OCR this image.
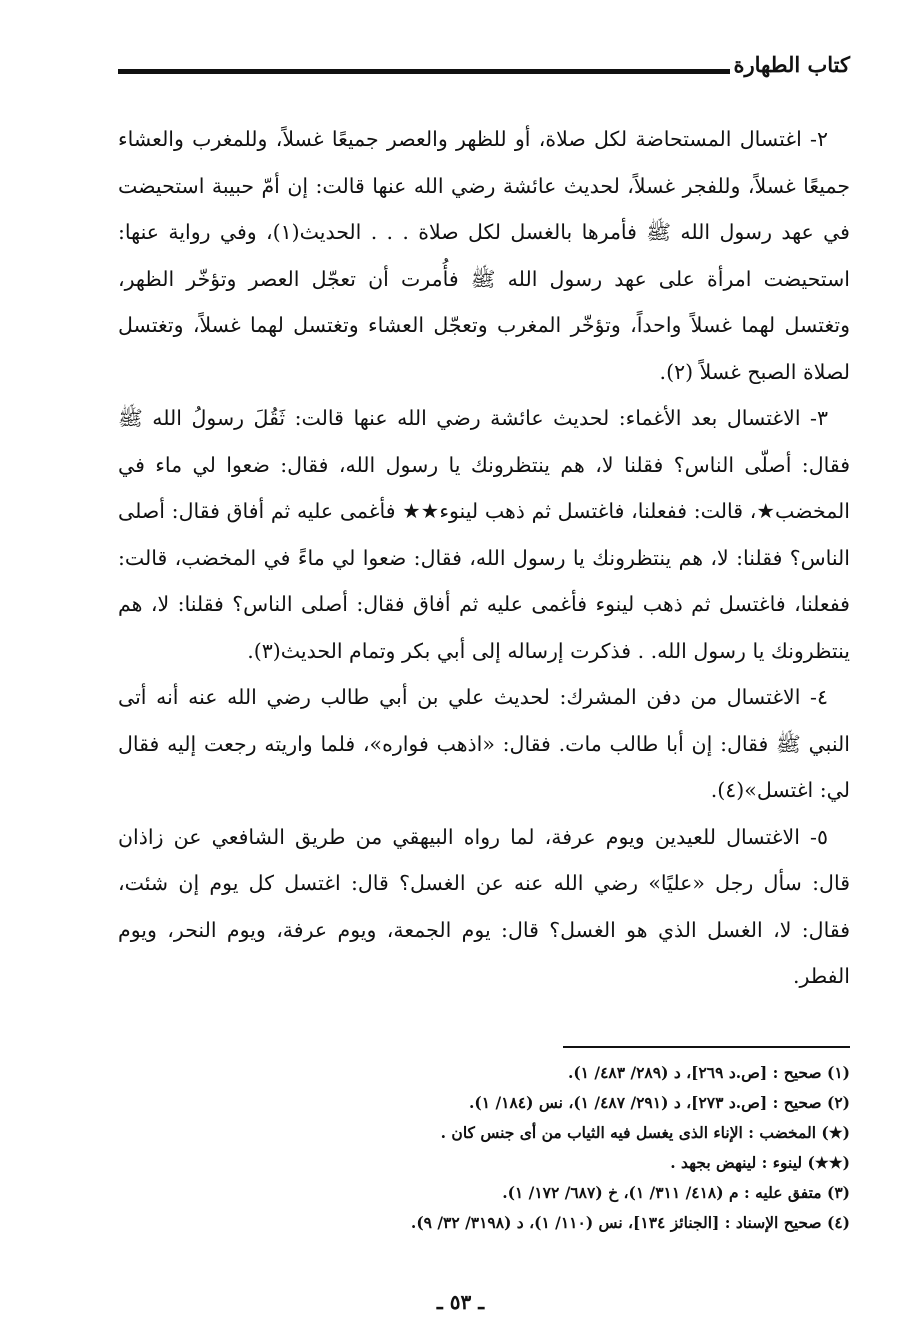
كتاب الطهارة

٢- اغتسال المستحاضة لكل صلاة، أو للظهر والعصر جميعًا غسلاً، وللمغرب والعشاء جميعًا غسلاً، وللفجر غسلاً، لحديث عائشة رضي الله عنها قالت: إن أمّ حبيبة استحيضت في عهد رسول الله ﷺ فأمرها بالغسل لكل صلاة . . . الحديث(١)، وفي رواية عنها: استحيضت امرأة على عهد رسول الله ﷺ فأُمرت أن تعجّل العصر وتؤخّر الظهر، وتغتسل لهما غسلاً واحداً، وتؤخّر المغرب وتعجّل العشاء وتغتسل لهما غسلاً، وتغتسل لصلاة الصبح غسلاً (٢).

٣- الاغتسال بعد الأغماء: لحديث عائشة رضي الله عنها قالت: ثَقُلَ رسولُ الله ﷺ فقال: أصلّى الناس؟ فقلنا لا، هم ينتظرونك يا رسول الله، فقال: ضعوا لي ماء في المخضب★، قالت: ففعلنا، فاغتسل ثم ذهب لينوء★★ فأغمى عليه ثم أفاق فقال: أصلى الناس؟ فقلنا: لا، هم ينتظرونك يا رسول الله، فقال: ضعوا لي ماءً في المخضب، قالت: ففعلنا، فاغتسل ثم ذهب لينوء فأغمى عليه ثم أفاق فقال: أصلى الناس؟ فقلنا: لا، هم ينتظرونك يا رسول الله. . فذكرت إرساله إلى أبي بكر وتمام الحديث(٣).

٤- الاغتسال من دفن المشرك: لحديث علي بن أبي طالب رضي الله عنه أنه أتى النبي ﷺ فقال: إن أبا طالب مات. فقال: «اذهب فواره»، فلما واريته رجعت إليه فقال لي: اغتسل»(٤).

٥- الاغتسال للعيدين ويوم عرفة، لما رواه البيهقي من طريق الشافعي عن زاذان قال: سأل رجل «عليًا» رضي الله عنه عن الغسل؟ قال: اغتسل كل يوم إن شئت، فقال: لا، الغسل الذي هو الغسل؟ قال: يوم الجمعة، ويوم عرفة، ويوم النحر، ويوم الفطر.

(١) صحيح : [ص.د ٢٦٩]، د (٢٨٩/ ٤٨٣/ ١).
(٢) صحيح : [ص.د ٢٧٣]، د (٢٩١/ ٤٨٧/ ١)، نس (١٨٤/ ١).
(★) المخضب : الإناء الذى يغسل فيه الثياب من أى جنس كان .
(★★) لينوء : لينهض بجهد .
(٣) متفق عليه : م (٤١٨/ ٣١١/ ١)، خ (٦٨٧/ ١٧٢/ ١).
(٤) صحيح الإسناد : [الجنائز ١٣٤]، نس (١١٠/ ١)، د (٣١٩٨/ ٣٢/ ٩).
ـ ٥٣ ـ
